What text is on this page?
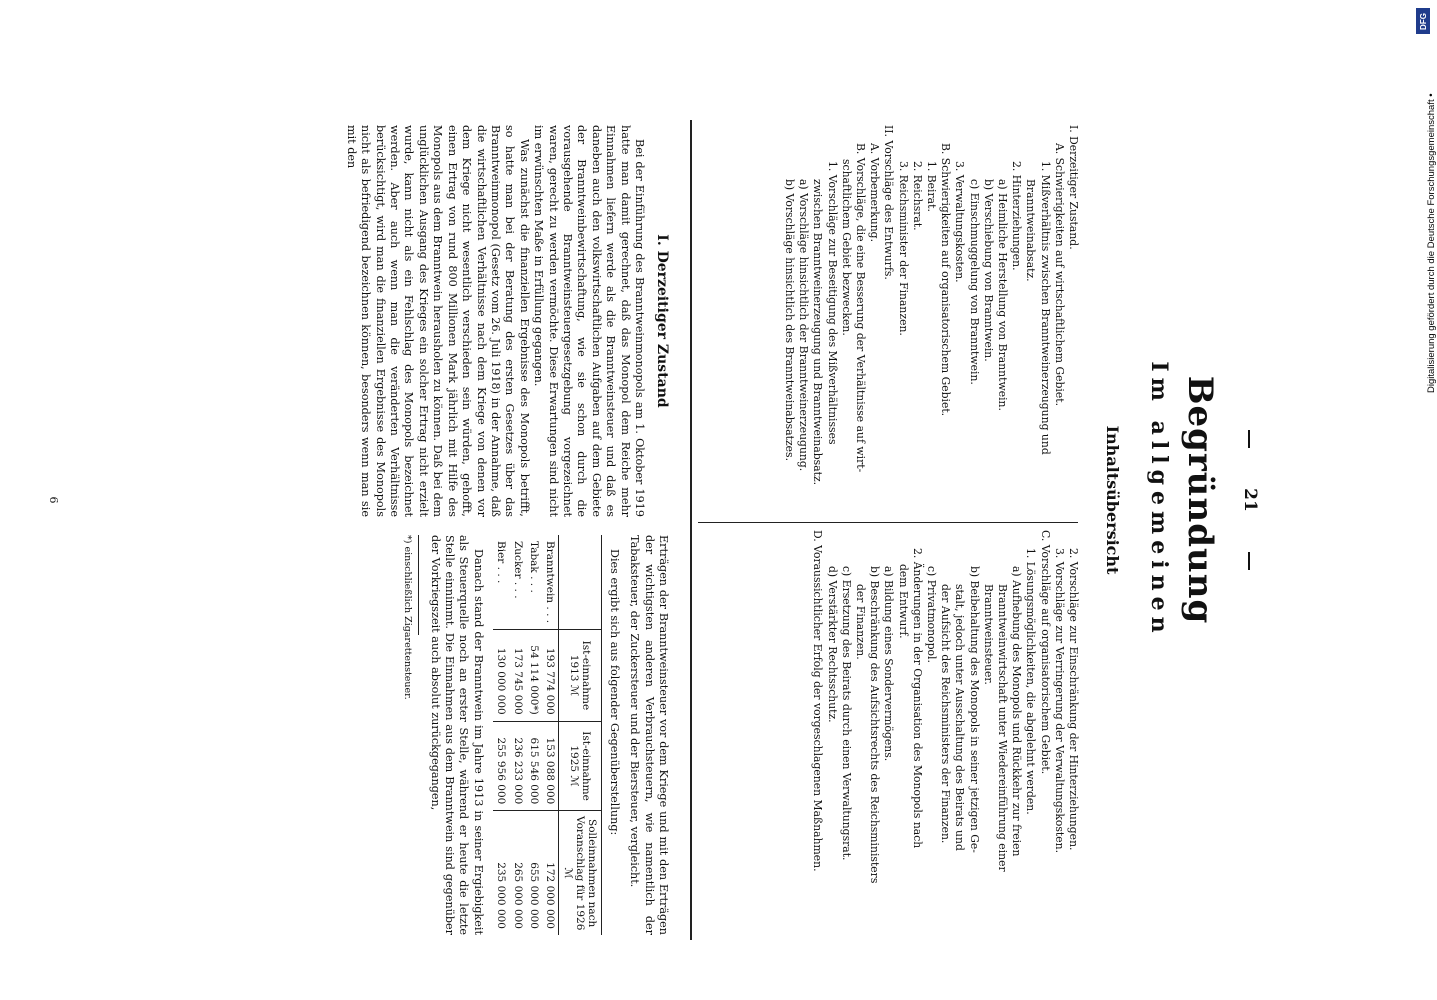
21
Begründung
Im allgemeinen
Inhaltsübersicht
I. Derzeitiger Zustand.
A. Schwierigkeiten auf wirtschaftlichem Gebiet.
1. Mißverhältnis zwischen Branntweinerzeugung und
Branntweinabsatz.
2. Hinterziehungen.
a) Heimliche Herstellung von Branntwein.
b) Verschiebung von Branntwein.
c) Einschmuggelung von Branntwein.
3. Verwaltungskosten.
B. Schwierigkeiten auf organisatorischem Gebiet.
1. Beirat.
2. Reichsrat.
3. Reichsminister der Finanzen.
II. Vorschläge des Entwurfs.
A. Vorbemerkung.
B. Vorschläge, die eine Besserung der Verhältnisse auf wirt-
schaftlichem Gebiet bezwecken.
1. Vorschläge zur Beseitigung des Mißverhältnisses
zwischen Branntweinerzeugung und Branntweinabsatz.
a) Vorschläge hinsichtlich der Branntweinerzeugung.
b) Vorschläge hinsichtlich des Branntweinabsatzes.
2. Vorschläge zur Einschränkung der Hinterziehungen.
3. Vorschläge zur Verringerung der Verwaltungskosten.
C. Vorschläge auf organisatorischem Gebiet.
1. Lösungsmöglichkeiten, die abgelehnt werden.
a) Aufhebung des Monopols und Rückkehr zur freien
Branntweinwirtschaft unter Wiedereinführung einer
Branntweinsteuer.
b) Beibehaltung des Monopols in seiner jetzigen Ge-
stalt, jedoch unter Ausschaltung des Beirats und
der Aufsicht des Reichsministers der Finanzen.
c) Privatmonopol.
2. Änderungen in der Organisation des Monopols nach
dem Entwurf.
a) Bildung eines Sondervermögens.
b) Beschränkung des Aufsichtsrechts des Reichsministers
der Finanzen.
c) Ersetzung des Beirats durch einen Verwaltungsrat.
d) Verstärkter Rechtsschutz.
D. Voraussichtlicher Erfolg der vorgeschlagenen Maßnahmen.
I. Derzeitiger Zustand

Bei der Einführung des Branntweinmonopols am 1. Oktober 1919 hatte man damit gerechnet, daß das Monopol dem Reiche mehr Einnahmen liefern werde als die Branntweinsteuer und daß es daneben auch den volkswirtschaftlichen Aufgaben auf dem Gebiete der Branntweinbewirtschaftung, wie sie schon durch die vorausgehende Branntweinsteuergesetzgebung vorgezeichnet waren, gerecht zu werden vermöchte. Diese Erwartungen sind nicht im erwünschten Maße in Erfüllung gegangen.

Was zunächst die finanziellen Ergebnisse des Monopols betrifft, so hatte man bei der Beratung des ersten Gesetzes über das Branntweinmonopol (Gesetz vom 26. Juli 1918) in der Annahme, daß die wirtschaftlichen Verhältnisse nach dem Kriege von denen vor dem Kriege nicht wesentlich verschieden sein würden, gehofft, einen Ertrag von rund 800 Millionen Mark jährlich mit Hilfe des Monopols aus dem Branntwein herausholen zu können. Daß bei dem unglücklichen Ausgang des Krieges ein solcher Ertrag nicht erzielt wurde, kann nicht als ein Fehlschlag des Monopols bezeichnet werden. Aber auch wenn man die veränderten Verhältnisse berücksichtigt, wird man die finanziellen Ergebnisse des Monopols nicht als befriedigend bezeichnen können, besonders wenn man sie mit den

Erträgen der Branntweinsteuer vor dem Kriege und mit den Erträgen der wichtigsten anderen Verbrauchsteuern, wie namentlich der Tabaksteuer, der Zuckersteuer und der Biersteuer, vergleicht.

Dies ergibt sich aus folgender Gegenüberstellung:

	Ist-einnahme 1913 ℳ	Ist-einnahme 1925 ℳ	Solleinnahmen nach Voranschlag für 1926 ℳ
Branntwein . . .	193 774 000	153 088 000	172 000 000
Tabak . . .	54 114 000*)	615 546 000	655 000 000
Zucker . . .	173 745 000	236 233 000	265 000 000
Bier . . .	130 000 000	255 956 000	235 000 000

Danach stand der Branntwein im Jahre 1913 in seiner Ergiebigkeit als Steuerquelle noch an erster Stelle, während er heute die letzte Stelle einnimmt. Die Einnahmen aus dem Branntwein sind gegenüber der Vorkriegszeit auch absolut zurückgegangen,

*) einschließlich Zigarettensteuer.
6
Digitalisierung gefördert durch die Deutsche Forschungsgemeinschaft •
DFG
